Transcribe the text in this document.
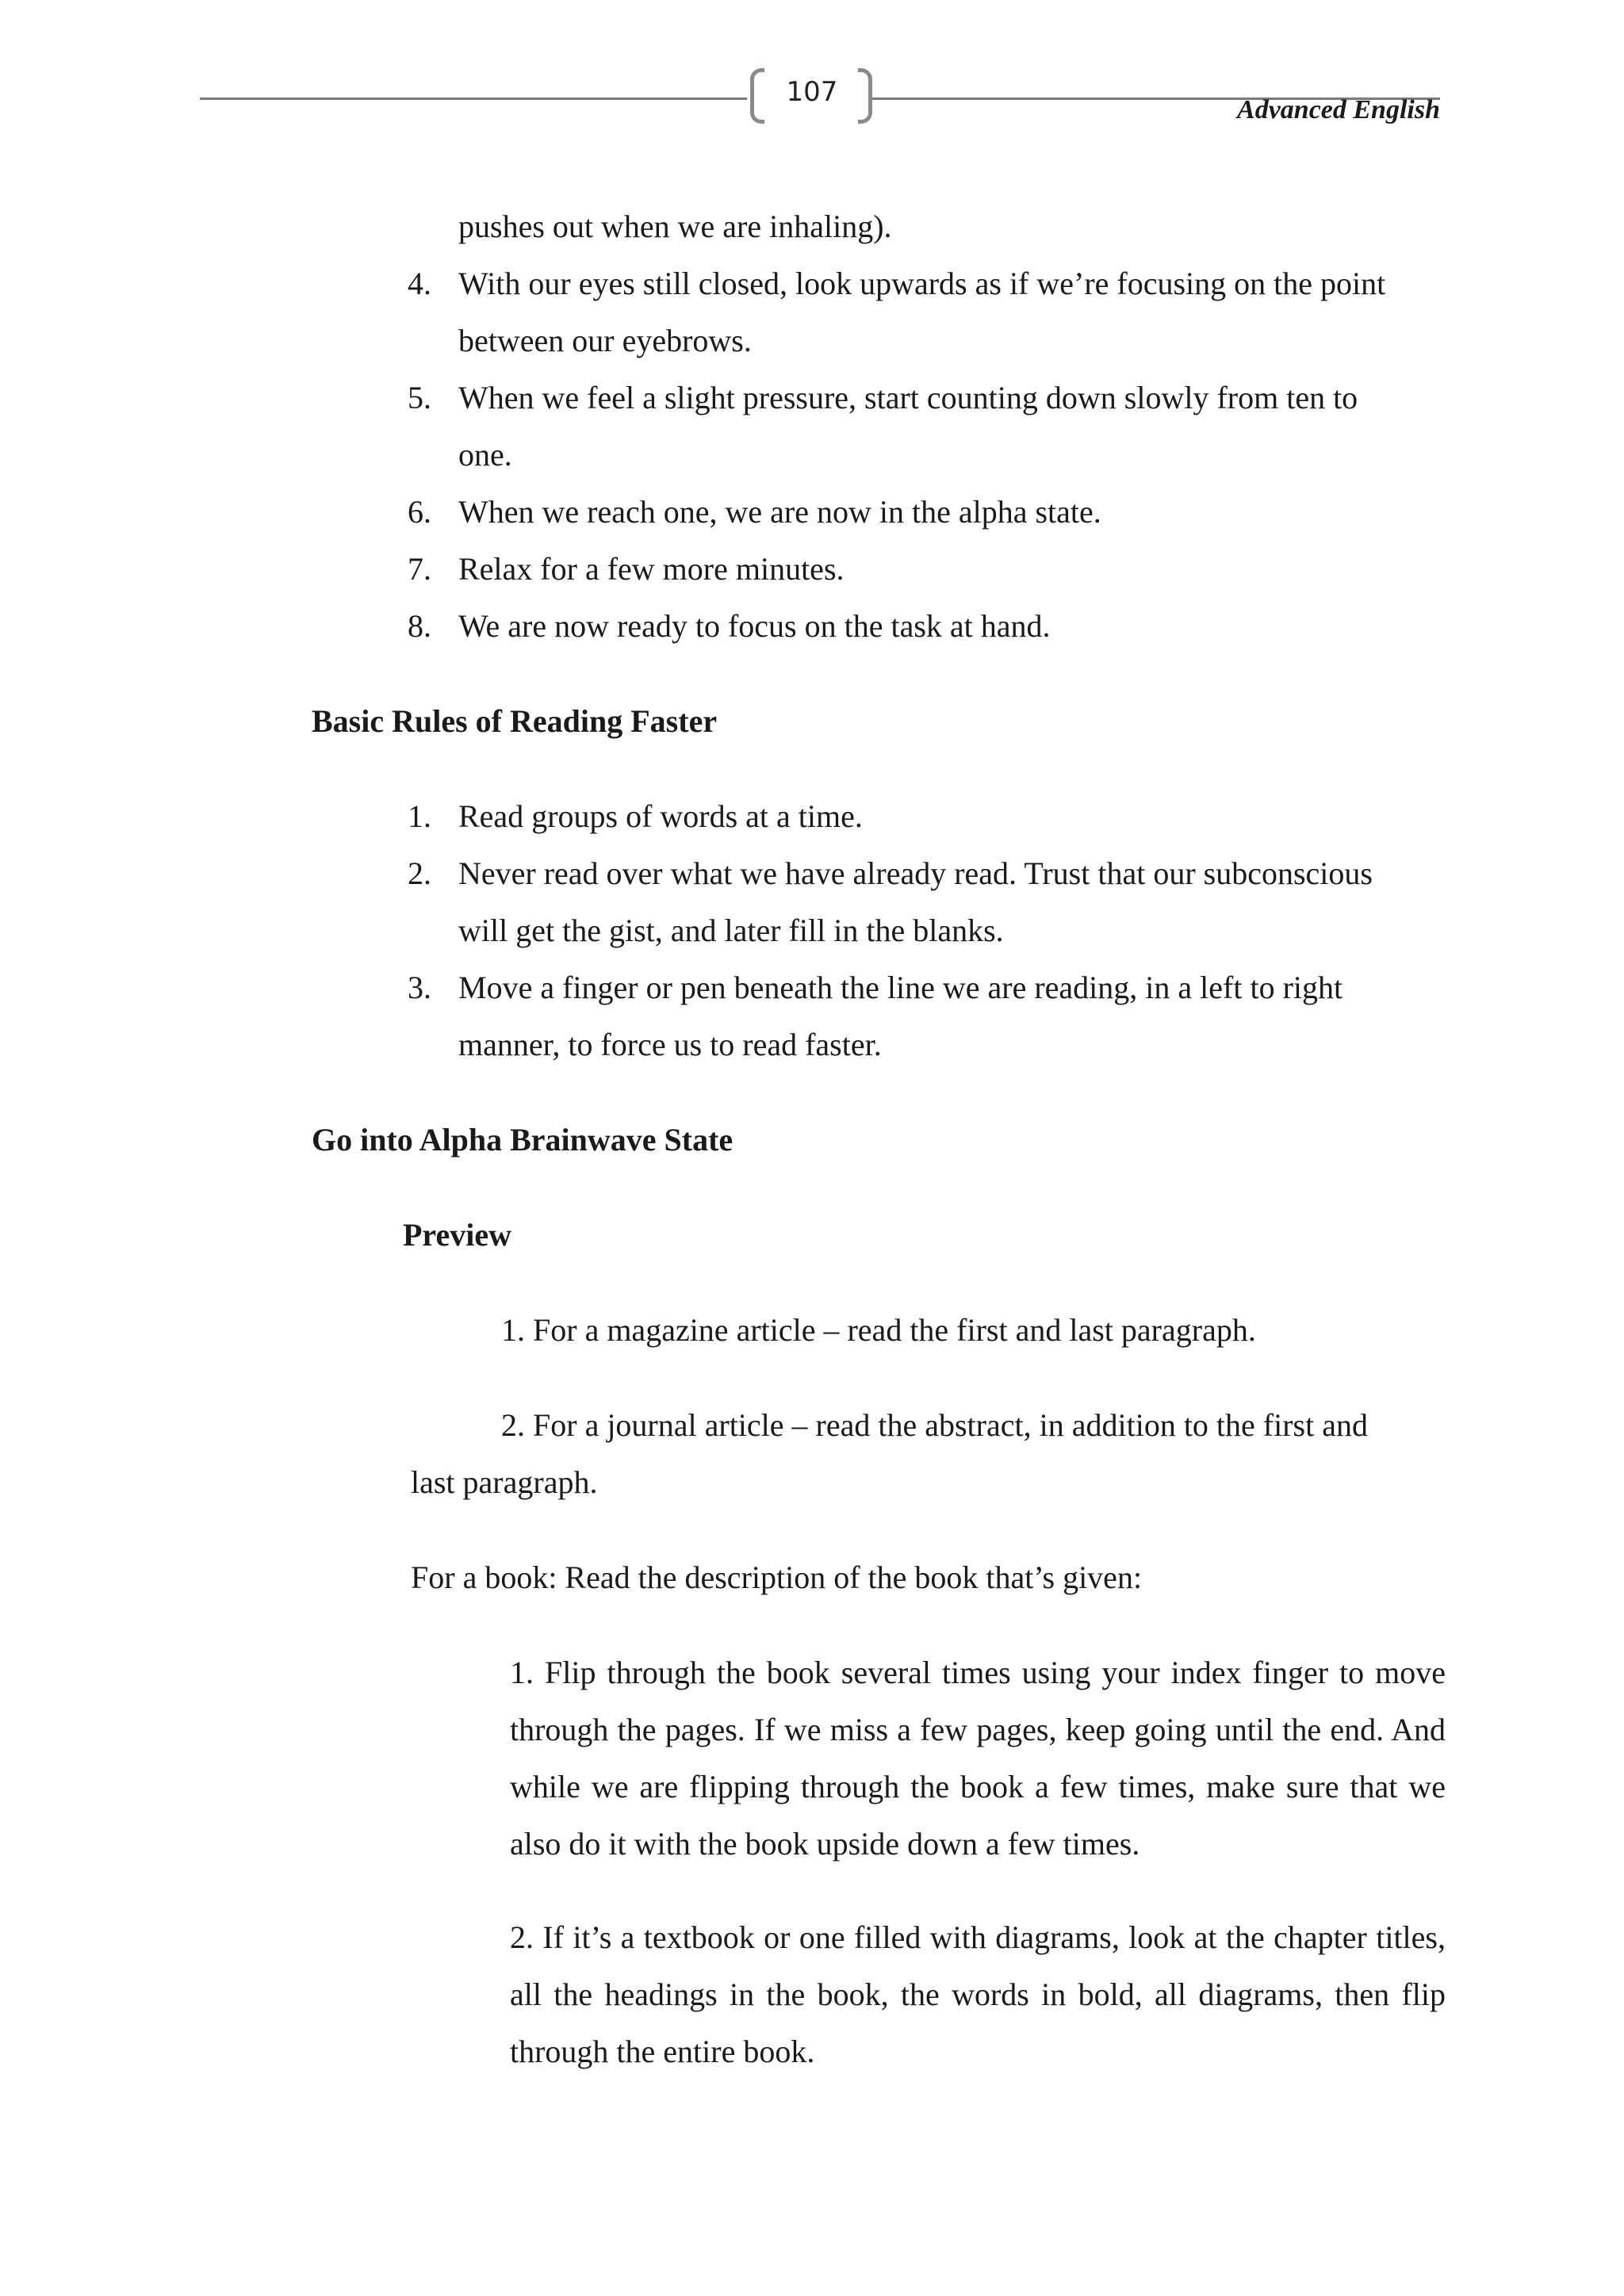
107
Advanced English
pushes out when we are inhaling).
4. With our eyes still closed, look upwards as if we’re focusing on the point
between our eyebrows.
5. When we feel a slight pressure, start counting down slowly from ten to
one.
6. When we reach one, we are now in the alpha state.
7. Relax for a few more minutes.
8. We are now ready to focus on the task at hand.
Basic Rules of Reading Faster
1. Read groups of words at a time.
2. Never read over what we have already read. Trust that our subconscious
will get the gist, and later fill in the blanks.
3. Move a finger or pen beneath the line we are reading, in a left to right
manner, to force us to read faster.
Go into Alpha Brainwave State
Preview
1. For a magazine article – read the first and last paragraph.
2. For a journal article – read the abstract, in addition to the first and
last paragraph.
For a book: Read the description of the book that’s given:
1. Flip through the book several times using your index finger to move through the pages. If we miss a few pages, keep going until the end. And while we are flipping through the book a few times, make sure that we also do it with the book upside down a few times.
2. If it’s a textbook or one filled with diagrams, look at the chapter titles, all the headings in the book, the words in bold, all diagrams, then flip through the entire book.
